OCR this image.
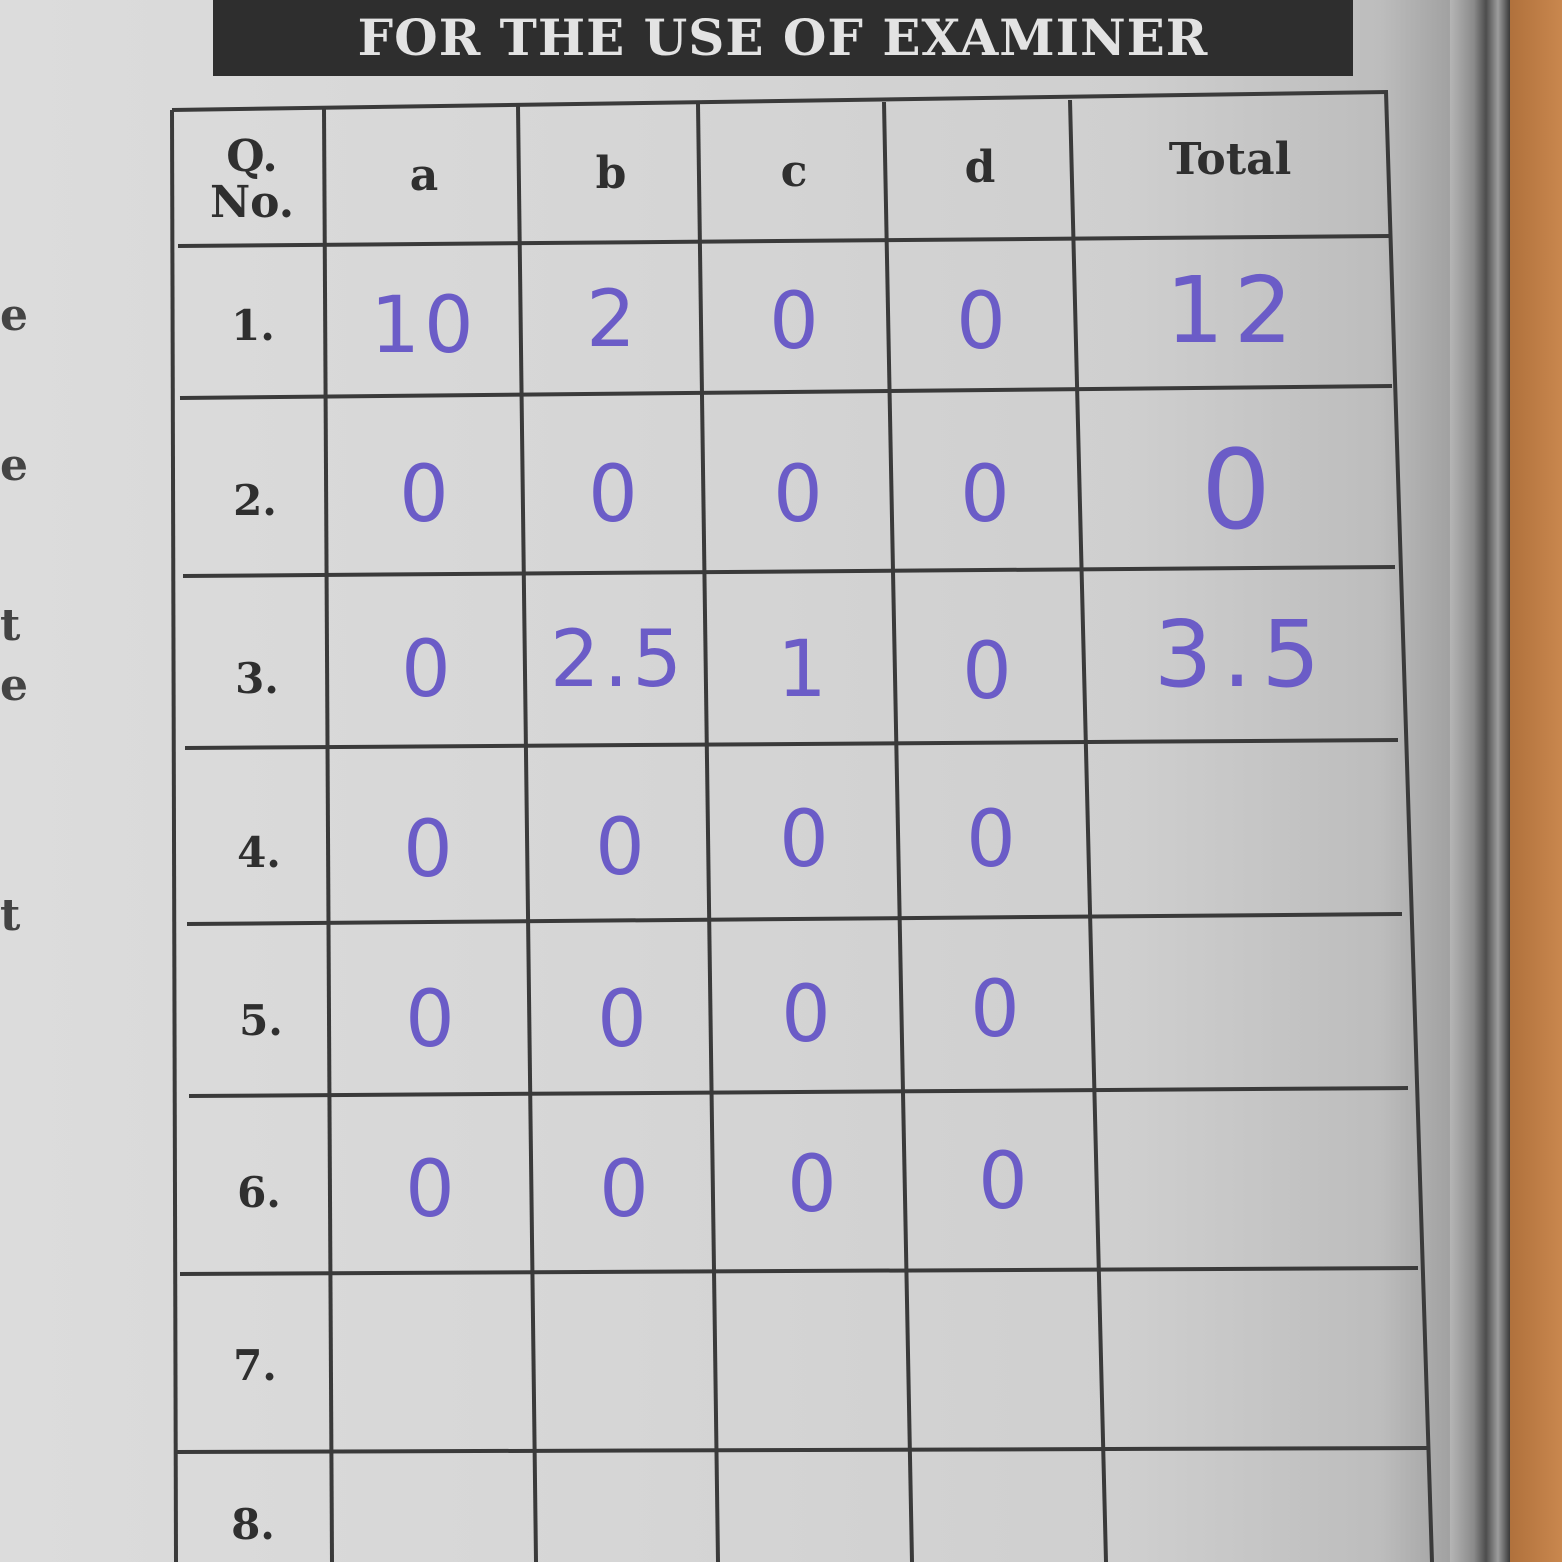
FOR THE USE OF EXAMINER
e
e
t
e
t
Q.
No.
a	b	c	d	Total
1.	10	2	0	0	12
2.	0	0	0	0	0
3.	0	2.5	1	0	3.5
4.	0	0	0	0
5.	0	0	0	0
6.	0	0	0	0
7.
8.
